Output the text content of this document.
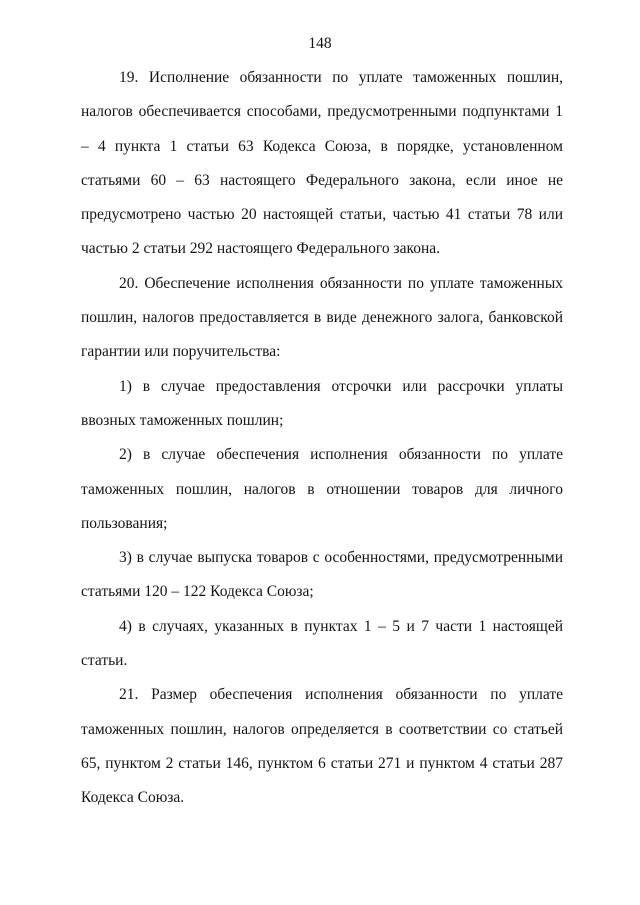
148

19. Исполнение обязанности по уплате таможенных пошлин, налогов обеспечивается способами, предусмотренными подпунктами 1 – 4 пункта 1 статьи 63 Кодекса Союза, в порядке, установленном статьями 60 – 63 настоящего Федерального закона, если иное не предусмотрено частью 20 настоящей статьи, частью 41 статьи 78 или частью 2 статьи 292 настоящего Федерального закона.

20. Обеспечение исполнения обязанности по уплате таможенных пошлин, налогов предоставляется в виде денежного залога, банковской гарантии или поручительства:

1) в случае предоставления отсрочки или рассрочки уплаты ввозных таможенных пошлин;

2) в случае обеспечения исполнения обязанности по уплате таможенных пошлин, налогов в отношении товаров для личного пользования;

3) в случае выпуска товаров с особенностями, предусмотренными статьями 120 – 122 Кодекса Союза;

4) в случаях, указанных в пунктах 1 – 5 и 7 части 1 настоящей статьи.

21. Размер обеспечения исполнения обязанности по уплате таможенных пошлин, налогов определяется в соответствии со статьей 65, пунктом 2 статьи 146, пунктом 6 статьи 271 и пунктом 4 статьи 287 Кодекса Союза.
